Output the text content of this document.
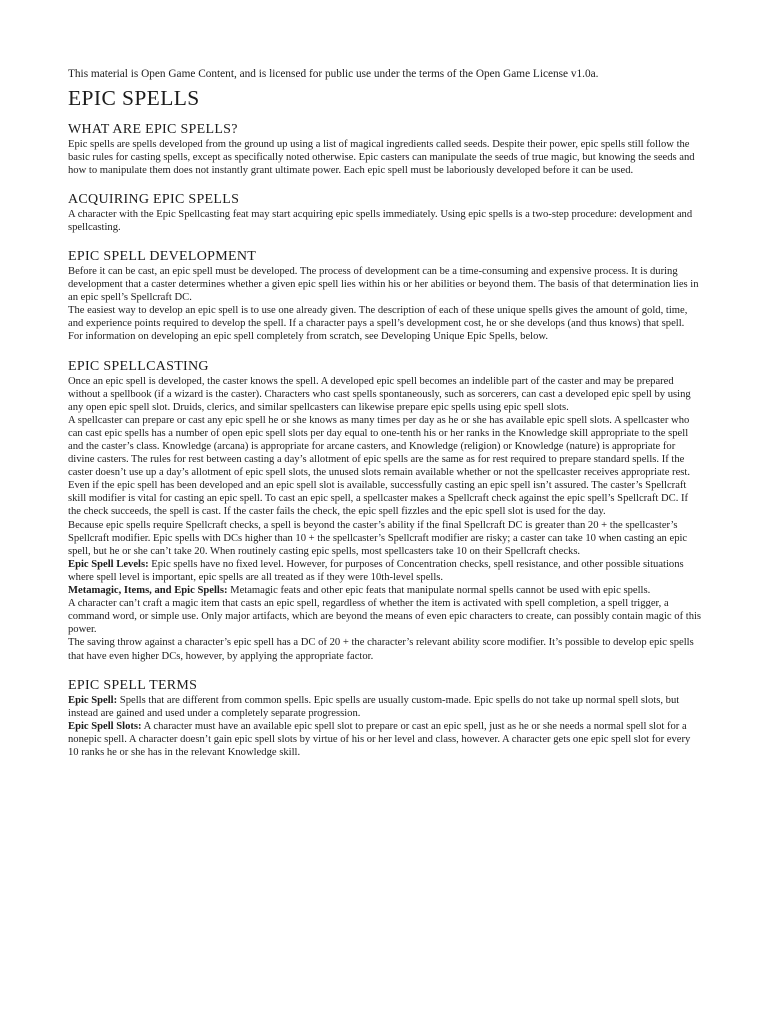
This material is Open Game Content, and is licensed for public use under the terms of the Open Game License v1.0a.

EPIC SPELLS
WHAT ARE EPIC SPELLS?

Epic spells are spells developed from the ground up using a list of magical ingredients called seeds. Despite their power, epic spells still follow the basic rules for casting spells, except as specifically noted otherwise. Epic casters can manipulate the seeds of true magic, but knowing the seeds and how to manipulate them does not instantly grant ultimate power. Each epic spell must be laboriously developed before it can be used.

ACQUIRING EPIC SPELLS

A character with the Epic Spellcasting feat may start acquiring epic spells immediately. Using epic spells is a two-step procedure: development and spellcasting.

EPIC SPELL DEVELOPMENT

Before it can be cast, an epic spell must be developed. The process of development can be a time-consuming and expensive process. It is during development that a caster determines whether a given epic spell lies within his or her abilities or beyond them. The basis of that determination lies in an epic spell’s Spellcraft DC.

The easiest way to develop an epic spell is to use one already given. The description of each of these unique spells gives the amount of gold, time, and experience points required to develop the spell. If a character pays a spell’s development cost, he or she develops (and thus knows) that spell.

For information on developing an epic spell completely from scratch, see Developing Unique Epic Spells, below.

EPIC SPELLCASTING

Once an epic spell is developed, the caster knows the spell. A developed epic spell becomes an indelible part of the caster and may be prepared without a spellbook (if a wizard is the caster). Characters who cast spells spontaneously, such as sorcerers, can cast a developed epic spell by using any open epic spell slot. Druids, clerics, and similar spellcasters can likewise prepare epic spells using epic spell slots.

A spellcaster can prepare or cast any epic spell he or she knows as many times per day as he or she has available epic spell slots. A spellcaster who can cast epic spells has a number of open epic spell slots per day equal to one-tenth his or her ranks in the Knowledge skill appropriate to the spell and the caster’s class. Knowledge (arcana) is appropriate for arcane casters, and Knowledge (religion) or Knowledge (nature) is appropriate for divine casters. The rules for rest between casting a day’s allotment of epic spells are the same as for rest required to prepare standard spells. If the caster doesn’t use up a day’s allotment of epic spell slots, the unused slots remain available whether or not the spellcaster receives appropriate rest.

Even if the epic spell has been developed and an epic spell slot is available, successfully casting an epic spell isn’t assured. The caster’s Spellcraft skill modifier is vital for casting an epic spell. To cast an epic spell, a spellcaster makes a Spellcraft check against the epic spell’s Spellcraft DC. If the check succeeds, the spell is cast. If the caster fails the check, the epic spell fizzles and the epic spell slot is used for the day.

Because epic spells require Spellcraft checks, a spell is beyond the caster’s ability if the final Spellcraft DC is greater than 20 + the spellcaster’s Spellcraft modifier. Epic spells with DCs higher than 10 + the spellcaster’s Spellcraft modifier are risky; a caster can take 10 when casting an epic spell, but he or she can’t take 20. When routinely casting epic spells, most spellcasters take 10 on their Spellcraft checks.

Epic Spell Levels: Epic spells have no fixed level. However, for purposes of Concentration checks, spell resistance, and other possible situations where spell level is important, epic spells are all treated as if they were 10th-level spells.

Metamagic, Items, and Epic Spells: Metamagic feats and other epic feats that manipulate normal spells cannot be used with epic spells.

A character can’t craft a magic item that casts an epic spell, regardless of whether the item is activated with spell completion, a spell trigger, a command word, or simple use. Only major artifacts, which are beyond the means of even epic characters to create, can possibly contain magic of this power.

The saving throw against a character’s epic spell has a DC of 20 + the character’s relevant ability score modifier. It’s possible to develop epic spells that have even higher DCs, however, by applying the appropriate factor.

EPIC SPELL TERMS

Epic Spell: Spells that are different from common spells. Epic spells are usually custom-made. Epic spells do not take up normal spell slots, but instead are gained and used under a completely separate progression.

Epic Spell Slots: A character must have an available epic spell slot to prepare or cast an epic spell, just as he or she needs a normal spell slot for a nonepic spell. A character doesn’t gain epic spell slots by virtue of his or her level and class, however. A character gets one epic spell slot for every 10 ranks he or she has in the relevant Knowledge skill.
